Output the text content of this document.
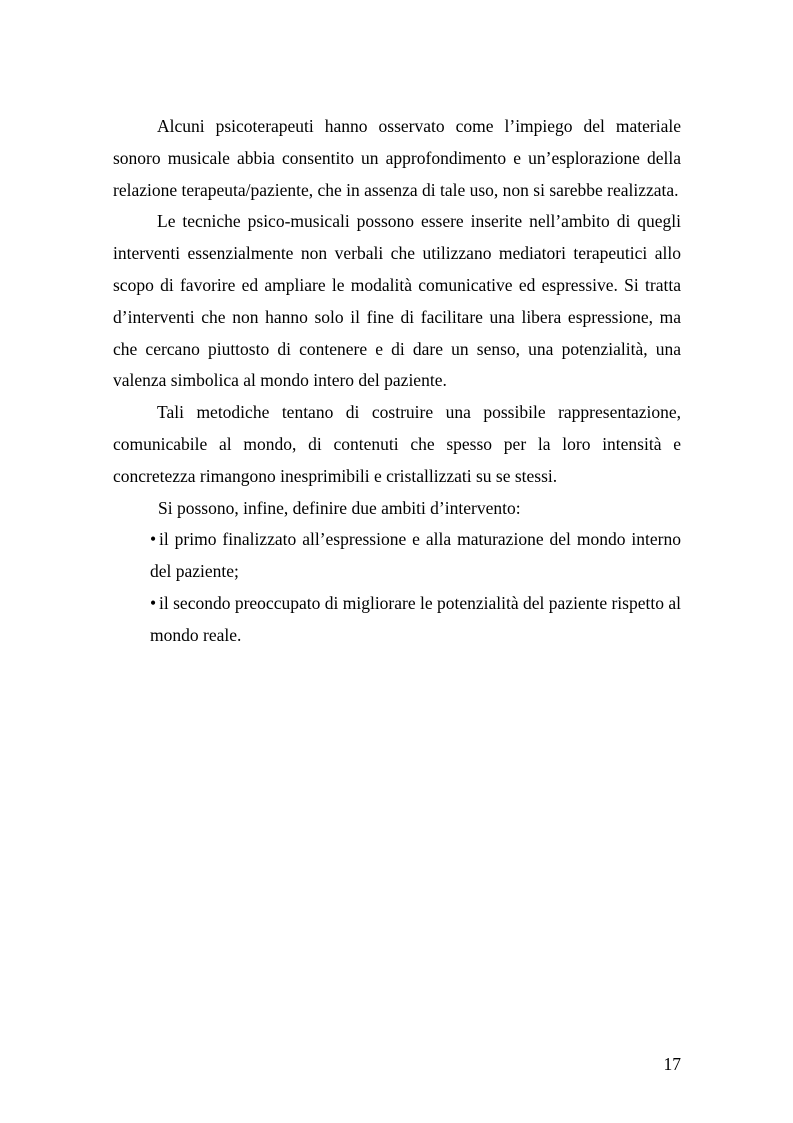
Alcuni psicoterapeuti hanno osservato come l’impiego del materiale sonoro musicale abbia consentito un approfondimento e un’esplorazione della relazione terapeuta/paziente, che in assenza di tale uso, non si sarebbe realizzata.

Le tecniche psico-musicali possono essere inserite nell’ambito di quegli interventi essenzialmente non verbali che utilizzano mediatori terapeutici allo scopo di favorire ed ampliare le modalità comunicative ed espressive. Si tratta d’interventi che non hanno solo il fine di facilitare una libera espressione, ma che cercano piuttosto di contenere e di dare un senso, una potenzialità, una valenza simbolica al mondo intero del paziente.

Tali metodiche tentano di costruire una possibile rappresentazione, comunicabile al mondo, di contenuti che spesso per la loro intensità e concretezza rimangono inesprimibili e cristallizzati su se stessi.

Si possono, infine, definire due ambiti d’intervento:

• il primo finalizzato all’espressione e alla maturazione del mondo interno del paziente;
• il secondo preoccupato di migliorare le potenzialità del paziente rispetto al mondo reale.
17
